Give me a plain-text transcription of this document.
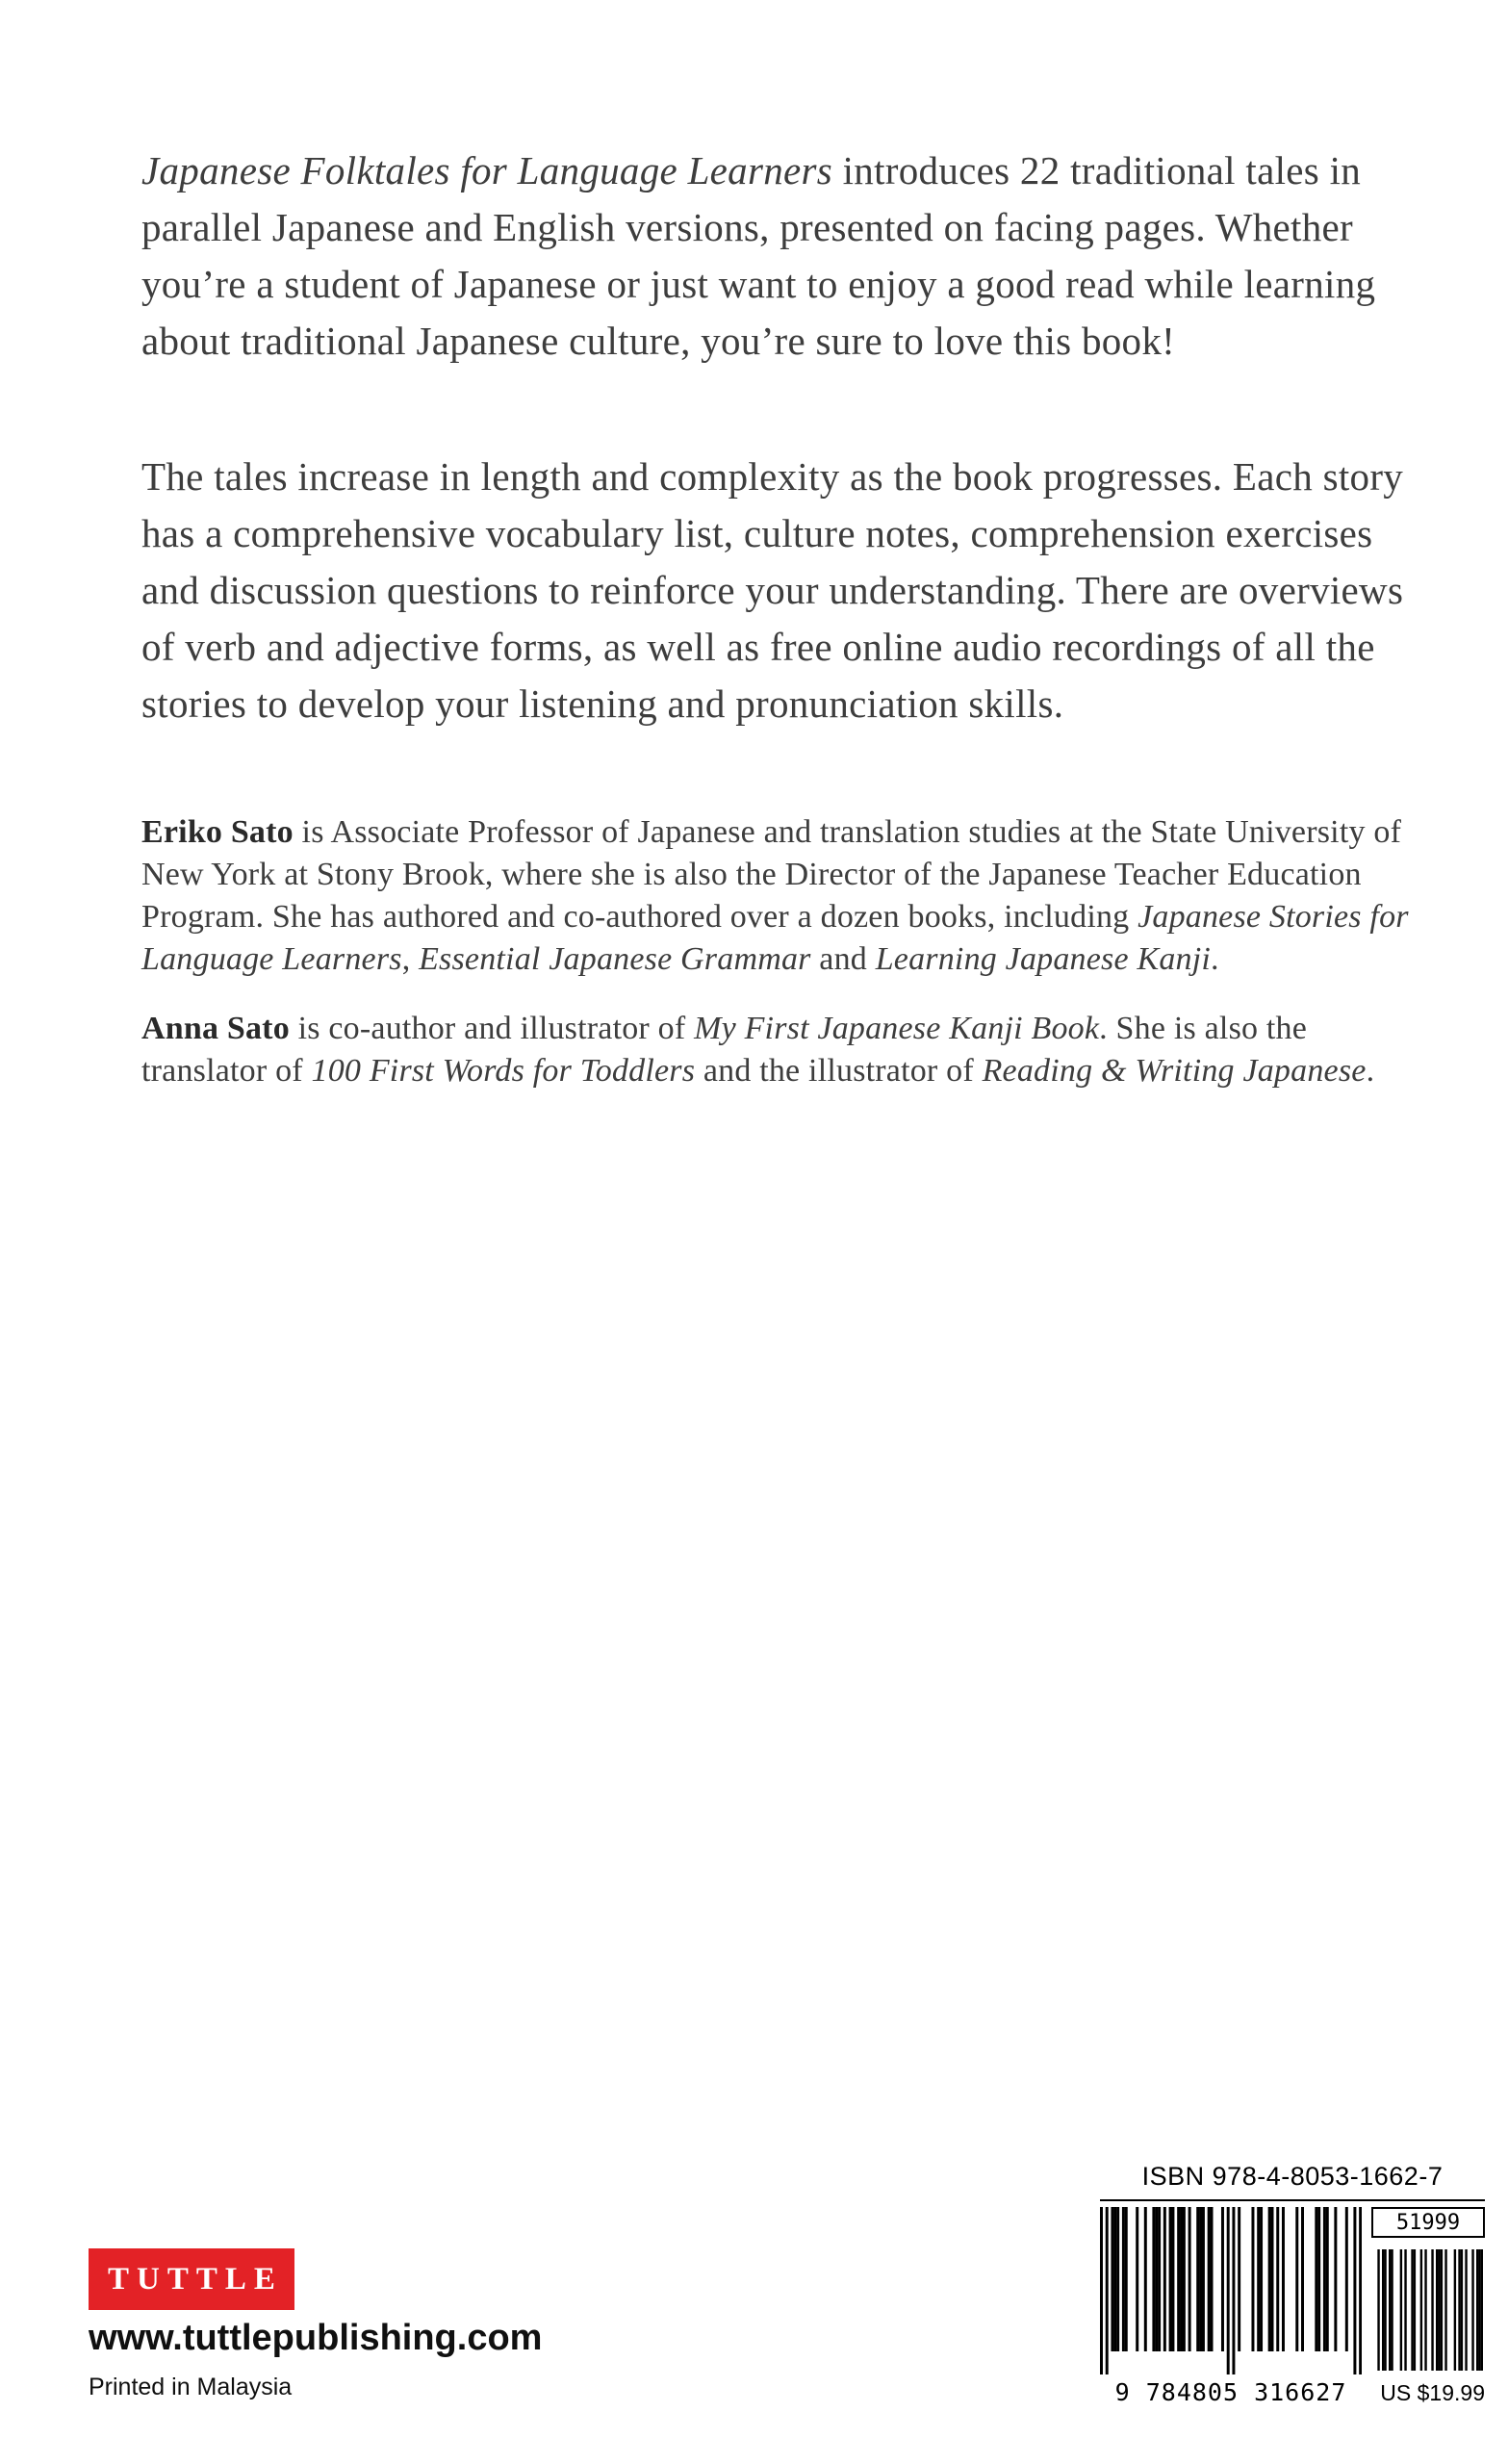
Japanese Folktales for Language Learners introduces 22 traditional tales in parallel Japanese and English versions, presented on facing pages. Whether you’re a student of Japanese or just want to enjoy a good read while learning about traditional Japanese culture, you’re sure to love this book!

The tales increase in length and complexity as the book progresses. Each story has a comprehensive vocabulary list, culture notes, comprehension exercises and discussion questions to reinforce your understanding. There are overviews of verb and adjective forms, as well as free online audio recordings of all the stories to develop your listening and pronunciation skills.

Eriko Sato is Associate Professor of Japanese and translation studies at the State University of New York at Stony Brook, where she is also the Director of the Japanese Teacher Education Program. She has authored and co-authored over a dozen books, including Japanese Stories for Language Learners, Essential Japanese Grammar and Learning Japanese Kanji.

Anna Sato is co-author and illustrator of My First Japanese Kanji Book. She is also the translator of 100 First Words for Toddlers and the illustrator of Reading & Writing Japanese.

TUTTLE
www.tuttlepublishing.com
Printed in Malaysia
ISBN 978-4-8053-1662-7
51999
9 784805 316627	US $19.99
